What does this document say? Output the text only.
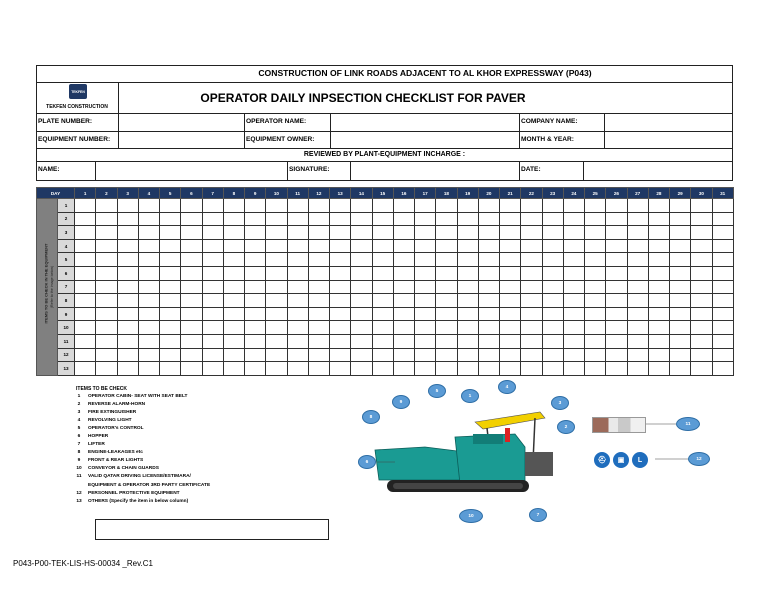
CONSTRUCTION OF LINK ROADS ADJACENT TO AL KHOR EXPRESSWAY (P043)
TEKFEN
TEKFEN CONSTRUCTION
OPERATOR DAILY INPSECTION CHECKLIST FOR PAVER
PLATE NUMBER:	OPERATOR NAME:	COMPANY NAME:
EQUIPMENT NUMBER:	EQUIPMENT OWNER:	MONTH & YEAR:
REVIEWED BY PLANT-EQUIPMENT INCHARGE :
NAME:	SIGNATURE:	DATE:
DAY		1	2	3	4	5	6	7	8	9	10	11	12	13	14	15	16	17	18	19	20	21	22	23	24	25	26	27	28	29	30	31
	1																															
	2																															
	3																															
	4																															
	5																															
	6																															
	7																															
	8																															
	9																															
	10																															
	11																															
	12																															
	13																															
ITEMS TO BE CHECK IN THE EQUIPMENT (Refer to the image below)
ITEMS TO BE CHECK
1	OPERATOR CABIN- SEAT WITH SEAT BELT
2	REVERSE ALARM-HORN
3	FIRE EXTINGUISHER
4	REVOLVING LIGHT
5	OPERATOR's CONTROL
6	HOPPER
7	LIFTER
8	ENGINE-LEAKAGES etc
9	FRONT & REAR LIGHTS
10	CONVEYOR & CHAIN GUARDS
11	VALID QATAR DRIVING LICENSE/ESTIMARA/
EQUIPMENT & OPERATOR 3RD PARTY CERTIFICATE
12	PERSONNEL PROTECTIVE EQUIPMENT
13	OTHERS (Specify the item in below column)
1
2
3
4
5
6
7
8
9
10
11
12
⛑	▣	L
P043-P00-TEK-LIS-HS-00034 _Rev.C1
